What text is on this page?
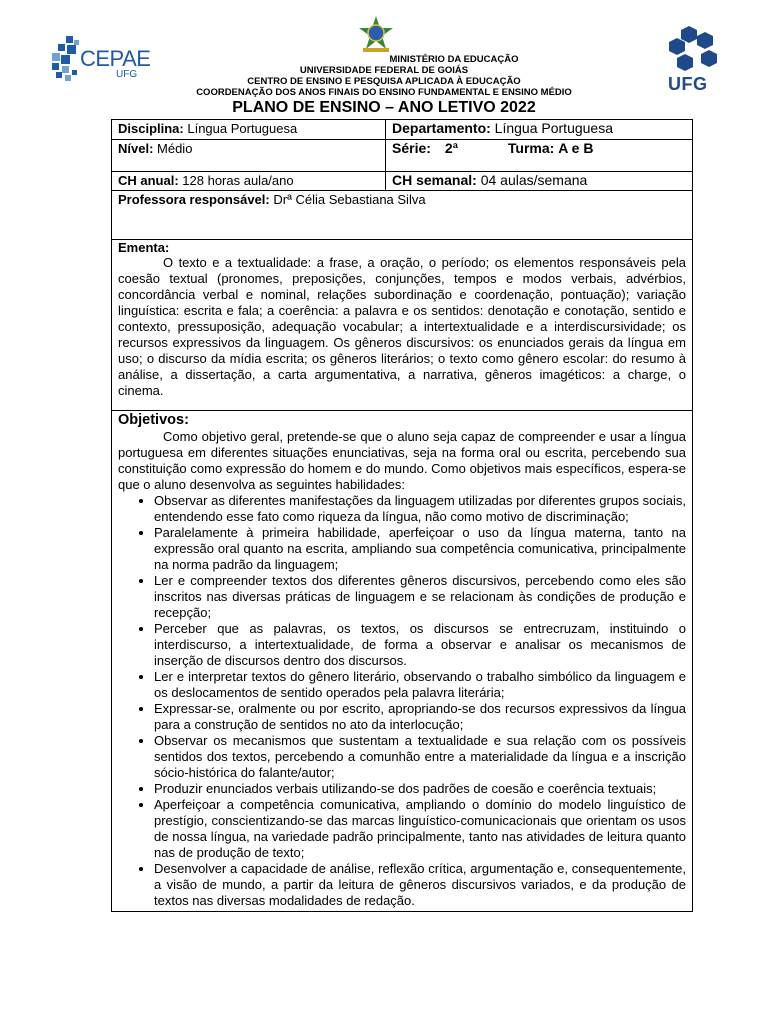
CEPAE
UFG	UFG
MINISTÉRIO DA EDUCAÇÃO
UNIVERSIDADE FEDERAL DE GOIÁS
CENTRO DE ENSINO E PESQUISA APLICADA À EDUCAÇÃO
COORDENAÇÃO DOS ANOS FINAIS DO ENSINO FUNDAMENTAL E ENSINO MÉDIO
PLANO DE ENSINO – ANO LETIVO 2022
Disciplina: Língua Portuguesa	Departamento: Língua Portuguesa
Nível: Médio	Série: 2ª	Turma: A e B
CH anual: 128 horas aula/ano	CH semanal: 04 aulas/semana
Professora responsável: Drª Célia Sebastiana Silva
Ementa:
O texto e a textualidade: a frase, a oração, o período; os elementos responsáveis pela coesão textual (pronomes, preposições, conjunções, tempos e modos verbais, advérbios, concordância verbal e nominal, relações subordinação e coordenação, pontuação); variação linguística: escrita e fala; a coerência: a palavra e os sentidos: denotação e conotação, sentido e contexto, pressuposição, adequação vocabular; a intertextualidade e a interdiscursividade; os recursos expressivos da linguagem. Os gêneros discursivos: os enunciados gerais da língua em uso; o discurso da mídia escrita; os gêneros literários; o texto como gênero escolar: do resumo à análise, a dissertação, a carta argumentativa, a narrativa, gêneros imagéticos: a charge, o cinema.
Objetivos:
Como objetivo geral, pretende-se que o aluno seja capaz de compreender e usar a língua portuguesa em diferentes situações enunciativas, seja na forma oral ou escrita, percebendo sua constituição como expressão do homem e do mundo. Como objetivos mais específicos, espera-se que o aluno desenvolva as seguintes habilidades:
• Observar as diferentes manifestações da linguagem utilizadas por diferentes grupos sociais, entendendo esse fato como riqueza da língua, não como motivo de discriminação;
• Paralelamente à primeira habilidade, aperfeiçoar o uso da língua materna, tanto na expressão oral quanto na escrita, ampliando sua competência comunicativa, principalmente na norma padrão da linguagem;
• Ler e compreender textos dos diferentes gêneros discursivos, percebendo como eles são inscritos nas diversas práticas de linguagem e se relacionam às condições de produção e recepção;
• Perceber que as palavras, os textos, os discursos se entrecruzam, instituindo o interdiscurso, a intertextualidade, de forma a observar e analisar os mecanismos de inserção de discursos dentro dos discursos.
• Ler e interpretar textos do gênero literário, observando o trabalho simbólico da linguagem e os deslocamentos de sentido operados pela palavra literária;
• Expressar-se, oralmente ou por escrito, apropriando-se dos recursos expressivos da língua para a construção de sentidos no ato da interlocução;
• Observar os mecanismos que sustentam a textualidade e sua relação com os possíveis sentidos dos textos, percebendo a comunhão entre a materialidade da língua e a inscrição sócio-histórica do falante/autor;
• Produzir enunciados verbais utilizando-se dos padrões de coesão e coerência textuais;
• Aperfeiçoar a competência comunicativa, ampliando o domínio do modelo linguístico de prestígio, conscientizando-se das marcas linguístico-comunicacionais que orientam os usos de nossa língua, na variedade padrão principalmente, tanto nas atividades de leitura quanto nas de produção de texto;
• Desenvolver a capacidade de análise, reflexão crítica, argumentação e, consequentemente, a visão de mundo, a partir da leitura de gêneros discursivos variados, e da produção de textos nas diversas modalidades de redação.
